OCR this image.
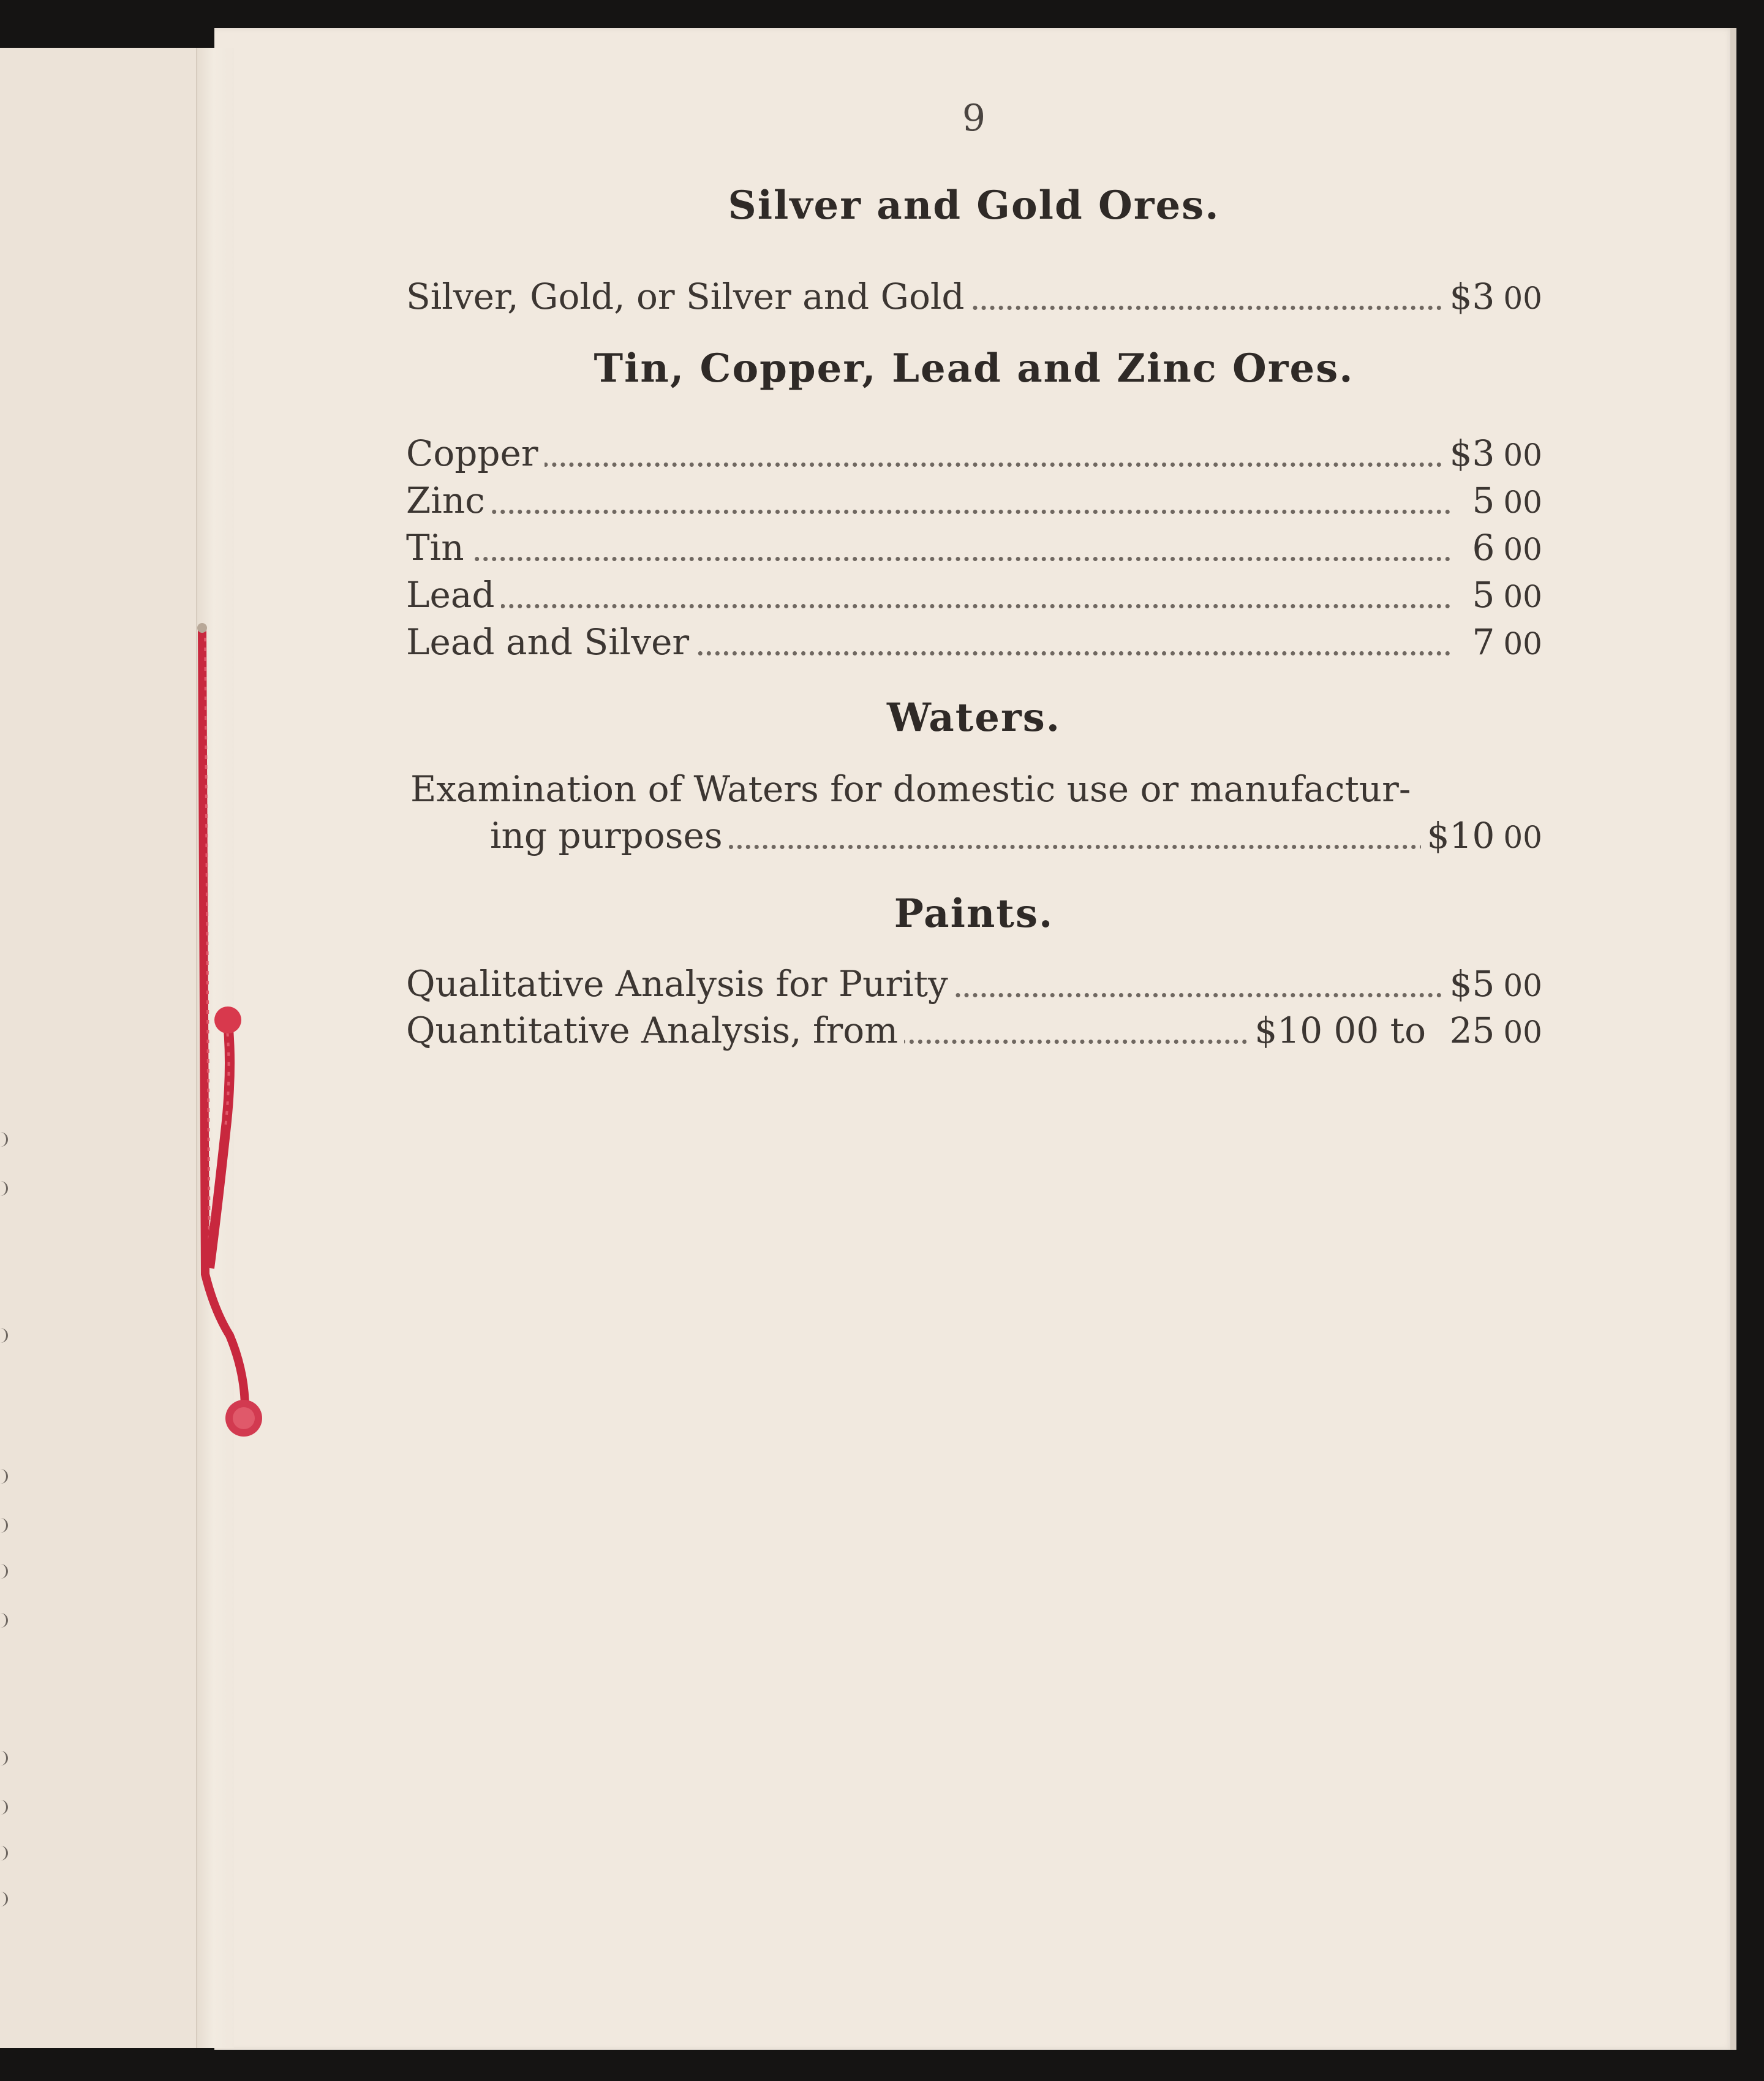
9
Silver and Gold Ores.
Silver, Gold, or Silver and Gold	$3 00
Tin, Copper, Lead and Zinc Ores.
Copper	$3 00
Zinc	5 00
Tin	6 00
Lead	5 00
Lead and Silver	7 00
Waters.
Examination of Waters for domestic use or manufactur-
ing purposes	$10 00
Paints.
Qualitative Analysis for Purity	$5 00
Quantitative Analysis, from	$10 00 to 25 00
